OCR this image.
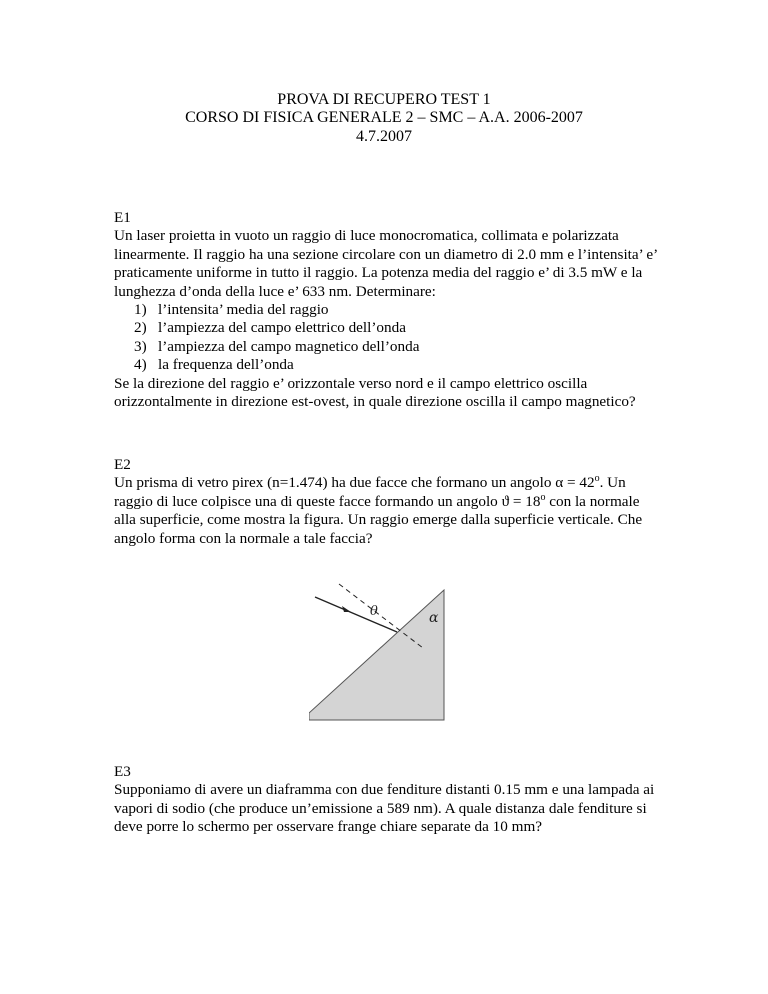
PROVA DI RECUPERO TEST 1
CORSO DI FISICA GENERALE 2 – SMC – A.A. 2006-2007
4.7.2007
E1
Un laser proietta in vuoto un raggio di luce monocromatica, collimata e polarizzata
linearmente. Il raggio ha una sezione circolare con un diametro di 2.0 mm e l’intensita’ e’
praticamente uniforme in tutto il raggio. La potenza media del raggio e’ di 3.5 mW e la
lunghezza d’onda della luce e’ 633 nm. Determinare:
1) l’intensita’ media del raggio
2) l’ampiezza del campo elettrico dell’onda
3) l’ampiezza del campo magnetico dell’onda
4) la frequenza dell’onda
Se la direzione del raggio e’ orizzontale verso nord e il campo elettrico oscilla
orizzontalmente in direzione est-ovest, in quale direzione oscilla il campo magnetico?
E2
Un prisma di vetro pirex (n=1.474) ha due facce che formano un angolo $\alpha = 42^o$. Un
raggio di luce colpisce una di queste facce formando un angolo $ϑ = 18^o$ con la normale
alla superficie, come mostra la figura. Un raggio emerge dalla superficie verticale. Che
angolo forma con la normale a tale faccia?
θ	α
E3
Supponiamo di avere un diaframma con due fenditure distanti 0.15 mm e una lampada ai
vapori di sodio (che produce un’emissione a 589 nm). A quale distanza dale fenditure si
deve porre lo schermo per osservare frange chiare separate da 10 mm?
